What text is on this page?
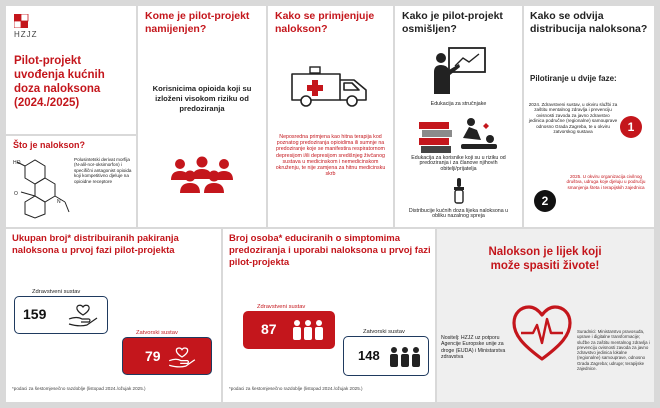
HZJZ
Pilot-projekt uvođenja kućnih doza naloksona (2024./2025)
Što je nalokson?
HO
O
N
Polusintetski derivat morfija (N-alil-nor-oksimorfon) i specifični antagonist opioida koji kompetitivno djeluje na opioidne receptore
Kome je pilot-projekt namijenjen?
Korisnicima opioida koji su izloženi visokom riziku od predoziranja
Kako se primjenjuje nalokson?
Neposredna primjena kao hitna terapija kod poznatog predoziranja opioidima ili sumnje na predoziranje koje se manifestira respiratornom depresijom i/ili depresijom središnjeg živčanog sustava u medicinskom i nemedicinskom okruženju, te nije zamjena za hitnu medicinsku skrb
Kako je pilot-projekt osmišljen?
Edukacija za stručnjake
Edukacija za korisnike koji su u riziku od predoziranja i za članove njihovih obitelji/prijatelja
Distribucije kućnih doza lijeka naloksona u obliku nazalnog spreja
Kako se odvija distribucija naloksona?
Pilotiranje u dvije faze:
2024. Zdravstveni sustav, u okviru službi za zaštitu mentalnog zdravlja i prevenciju ovisnosti zavoda za javno zdravstvo jedinica područne (regionalne) samouprave odnosno Grada Zagreba, te u okviru zatvorskog sustava	1
2
2025. U okviru organizacija civilnog društva, udruga koje djeluju u području smanjenja šteta i terapijskih zajednica
Ukupan broj* distribuiranih pakiranja naloksona u prvoj fazi pilot-projekta
Zdravstveni sustav
159
Zatvorski sustav
79
*podaci za šestomjesečno razdoblje (listopad 2024./ožujak 2025.)
Broj osoba* educiranih o simptomima predoziranja i uporabi naloksona u prvoj fazi pilot-projekta
Zdravstveni sustav
87	Zatvorski sustav
148
*podaci za šestomjesečno razdoblje (listopad 2024./ožujak 2025.)
Nalokson je lijek koji može spasiti živote!
Nositelj: HZJZ uz potporu Agencije Europske unije za droge (EUDA) i Ministarstva zdravstva
Suradnici: Ministarstvo pravosuđa, uprave i digitalne transformacije; službe za zaštitu mentalnog zdravlja i prevenciju ovisnosti zavoda za javno zdravstvo jedinica lokalne (regionalne) samouprave, odnosno Grada Zagreba; udruge; terapijske zajednice.
